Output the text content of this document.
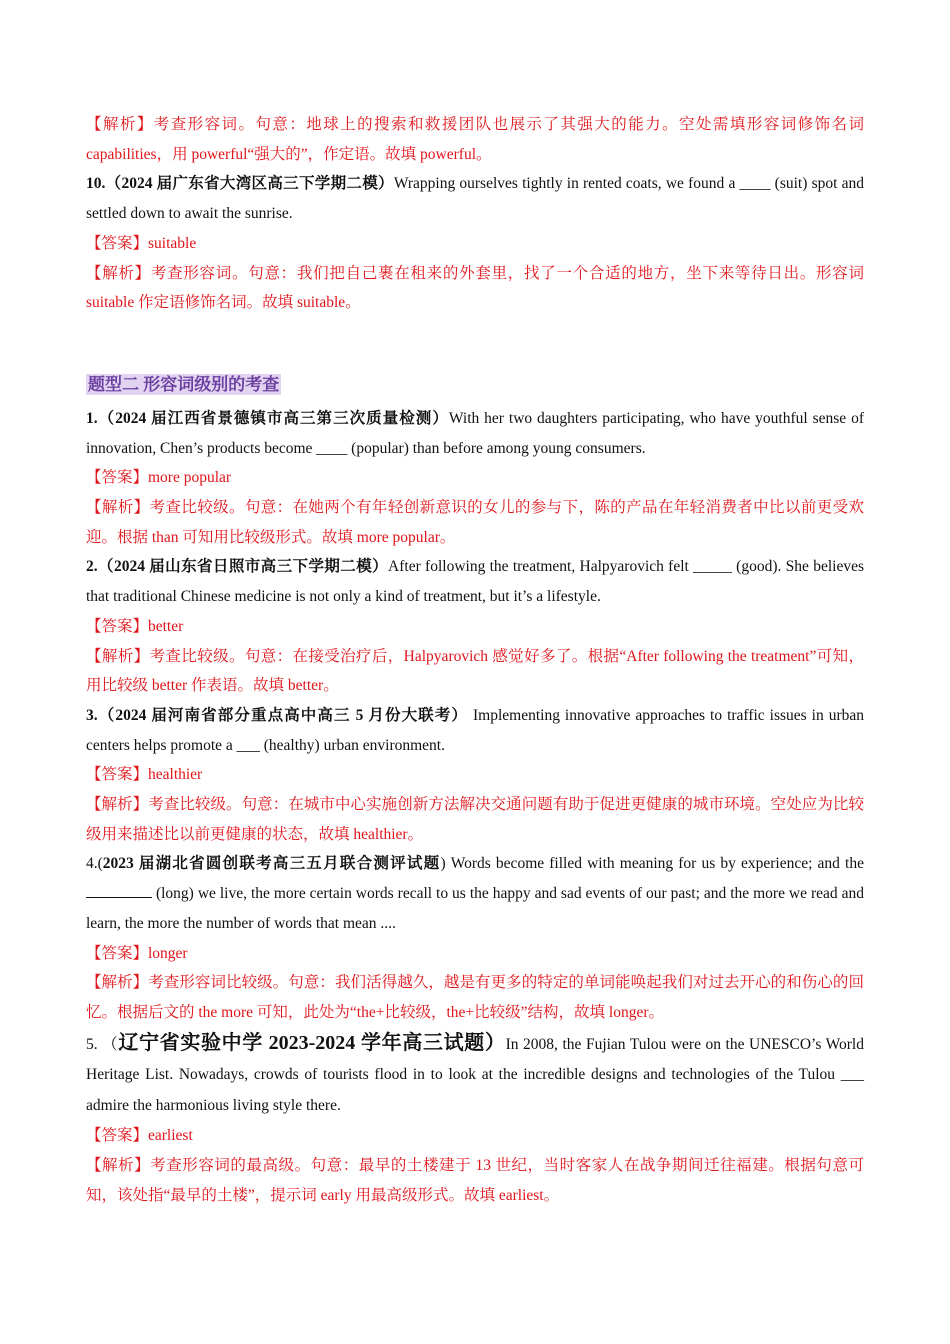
【解析】考查形容词。句意：地球上的搜索和救援团队也展示了其强大的能力。空处需填形容词修饰名词capabilities，用 powerful“强大的”，作定语。故填 powerful。

10.（2024 届广东省大湾区高三下学期二模）Wrapping ourselves tightly in rented coats, we found a ____ (suit) spot and settled down to await the sunrise.

【答案】suitable

【解析】考查形容词。句意：我们把自己裹在租来的外套里，找了一个合适的地方，坐下来等待日出。形容词 suitable 作定语修饰名词。故填 suitable。

题型二 形容词级别的考查

1.（2024 届江西省景德镇市高三第三次质量检测）With her two daughters participating, who have youthful sense of innovation, Chen’s products become ____ (popular) than before among young consumers.

【答案】more popular

【解析】考查比较级。句意：在她两个有年轻创新意识的女儿的参与下，陈的产品在年轻消费者中比以前更受欢迎。根据 than 可知用比较级形式。故填 more popular。

2.（2024 届山东省日照市高三下学期二模）After following the treatment, Halpyarovich felt _____ (good). She believes that traditional Chinese medicine is not only a kind of treatment, but it’s a lifestyle.

【答案】better

【解析】考查比较级。句意：在接受治疗后，Halpyarovich 感觉好多了。根据“After following the treatment”可知，用比较级 better 作表语。故填 better。

3.（2024 届河南省部分重点高中高三 5 月份大联考） Implementing innovative approaches to traffic issues in urban centers helps promote a ___ (healthy) urban environment.

【答案】healthier

【解析】考查比较级。句意：在城市中心实施创新方法解决交通问题有助于促进更健康的城市环境。空处应为比较级用来描述比以前更健康的状态，故填 healthier。

4.(2023 届湖北省圆创联考高三五月联合测评试题) Words become filled with meaning for us by experience; and the (long) we live, the more certain words recall to us the happy and sad events of our past; and the more we read and learn, the more the number of words that mean ....

【答案】longer

【解析】考查形容词比较级。句意：我们活得越久，越是有更多的特定的单词能唤起我们对过去开心的和伤心的回忆。根据后文的 the more 可知，此处为“the+比较级，the+比较级”结构，故填 longer。

5. （辽宁省实验中学 2023-2024 学年高三试题）In 2008, the Fujian Tulou were on the UNESCO’s World Heritage List. Nowadays, crowds of tourists flood in to look at the incredible designs and technologies of the Tulou ___ admire the harmonious living style there.

【答案】earliest

【解析】考查形容词的最高级。句意：最早的土楼建于 13 世纪，当时客家人在战争期间迁往福建。根据句意可知，该处指“最早的土楼”，提示词 early 用最高级形式。故填 earliest。
